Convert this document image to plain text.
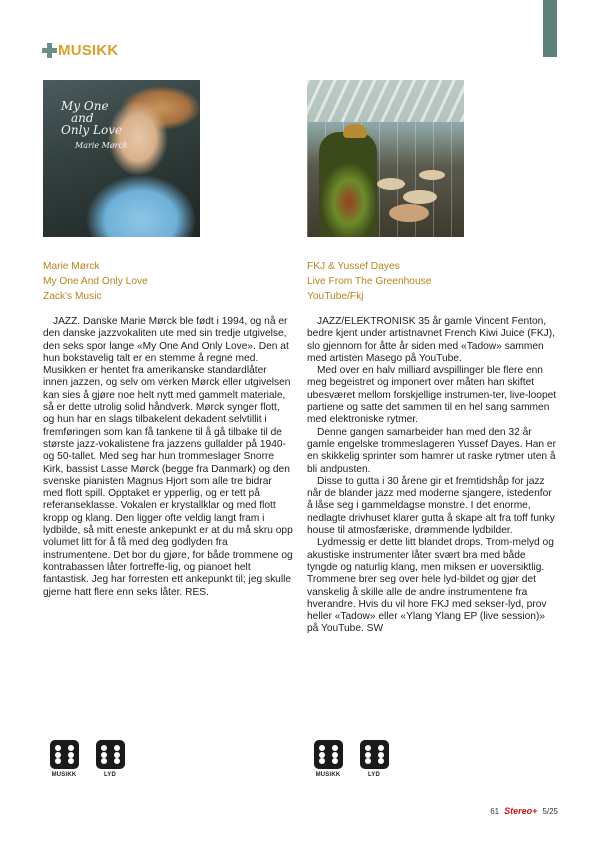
MUSIKK
My One
and
Only Love
Marie Mørck
Marie Mørck
My One And Only Love
Zack's Music

JAZZ. Danske Marie Mørck ble født i 1994, og nå er den danske jazzvokaliten ute med sin tredje utgivelse, den seks spor lange «My One And Only Love». Den at hun bokstavelig talt er en stemme å regne med. Musikken er hentet fra amerikanske standardlåter innen jazzen, og selv om verken Mørck eller utgivelsen kan sies å gjøre noe helt nytt med gammelt materiale, så er dette utrolig solid håndverk. Mørck synger flott, og hun har en slags tilbakelent dekadent selvtillit i fremføringen som kan få tankene til å gå tilbake til de største jazz-vokalistene fra jazzens gullalder på 1940- og 50-tallet. Med seg har hun trommeslager Snorre Kirk, bassist Lasse Mørck (begge fra Danmark) og den svenske pianisten Magnus Hjort som alle tre bidrar med flott spill. Opptaket er ypperlig, og er tett på referanseklasse. Vokalen er krystallklar og med flott kropp og klang. Den ligger ofte veldig langt fram i lydbilde, så mitt eneste ankepunkt er at du må skru opp volumet litt for å få med deg godlyden fra instrumentene. Det bor du gjøre, for både trommene og kontrabassen låter fortreffe-lig, og pianoet helt fantastisk. Jeg har forresten ett ankepunkt til; jeg skulle gjerne hatt flere enn seks låter. RES.

FKJ & Yussef Dayes
Live From The Greenhouse
YouTube/Fkj

JAZZ/ELEKTRONISK 35 år gamle Vincent Fenton, bedre kjent under artistnavnet French Kiwi Juice (FKJ), slo gjennom for åtte år siden med «Tadow» sammen med artisten Masego på YouTube.

Med over en halv milliard avspillinger ble flere enn meg begeistret og imponert over måten han skiftet ubesværet mellom forskjellige instrumen-ter, live-loopet partiene og satte det sammen til en hel sang sammen med elektroniske rytmer.

Denne gangen samarbeider han med den 32 år gamle engelske trommeslageren Yussef Dayes. Han er en skikkelig sprinter som hamrer ut raske rytmer uten å bli andpusten.

Disse to gutta i 30 årene gir et fremtidshåp for jazz når de blander jazz med moderne sjangere, istedenfor å låse seg i gammeldagse monstre. I det enorme, nedlagte drivhuset klarer gutta å skape alt fra toff funky house til atmosfæriske, drømmende lydbilder.

Lydmessig er dette litt blandet drops. Trom-melyd og akustiske instrumenter låter svært bra med både tyngde og naturlig klang, men miksen er uoversiktlig. Trommene brer seg over hele lyd-bildet og gjør det vanskelig å skille alle de andre instrumentene fra hverandre. Hvis du vil hore FKJ med sekser-lyd, prov heller «Tadow» eller «Ylang Ylang EP (live session)» på YouTube. SW

MUSIKK	LYD	MUSIKK	LYD
61 Stereo+ 5/25
